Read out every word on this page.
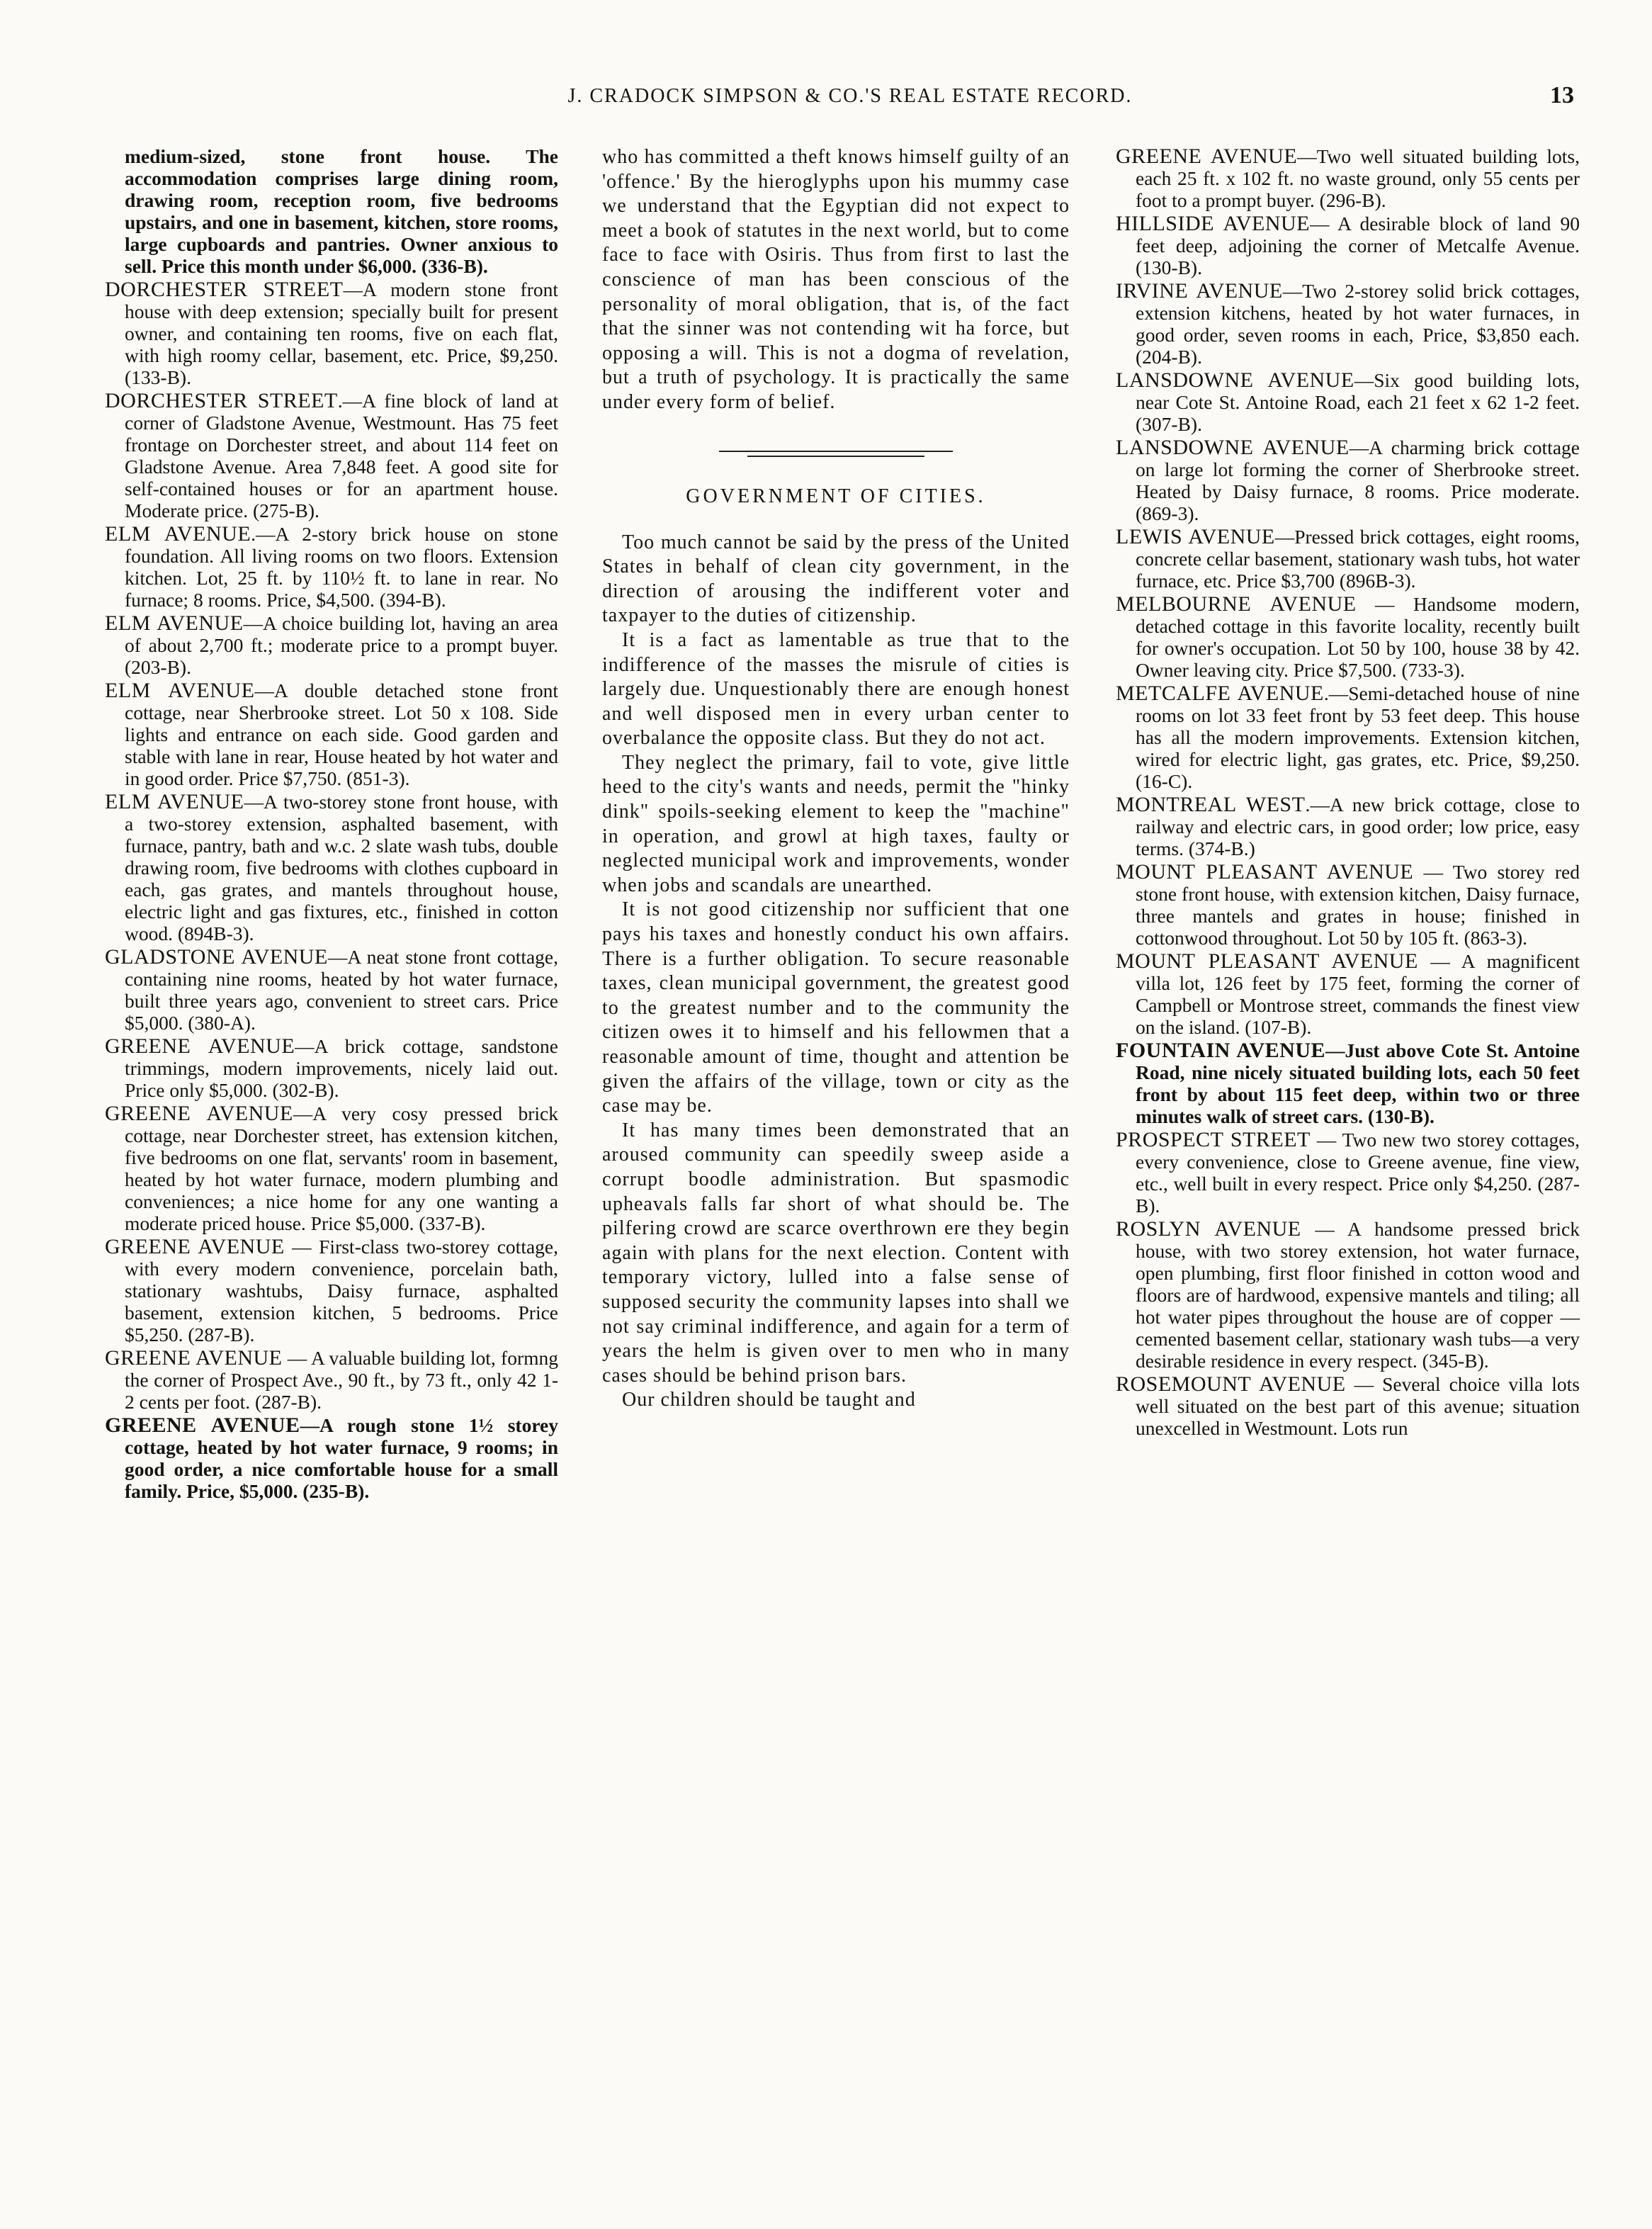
J. CRADOCK SIMPSON & CO.'S REAL ESTATE RECORD.	13

medium-sized, stone front house. The accommodation comprises large dining room, drawing room, reception room, five bedrooms upstairs, and one in basement, kitchen, store rooms, large cupboards and pantries. Owner anxious to sell. Price this month under $6,000. (336-B).

DORCHESTER STREET—A modern stone front house with deep extension; specially built for present owner, and containing ten rooms, five on each flat, with high roomy cellar, basement, etc. Price, $9,250. (133-B).

DORCHESTER STREET.—A fine block of land at corner of Gladstone Avenue, Westmount. Has 75 feet frontage on Dorchester street, and about 114 feet on Gladstone Avenue. Area 7,848 feet. A good site for self-contained houses or for an apartment house. Moderate price. (275-B).

ELM AVENUE.—A 2-story brick house on stone foundation. All living rooms on two floors. Extension kitchen. Lot, 25 ft. by 110½ ft. to lane in rear. No furnace; 8 rooms. Price, $4,500. (394-B).

ELM AVENUE—A choice building lot, having an area of about 2,700 ft.; moderate price to a prompt buyer. (203-B).

ELM AVENUE—A double detached stone front cottage, near Sherbrooke street. Lot 50 x 108. Side lights and entrance on each side. Good garden and stable with lane in rear, House heated by hot water and in good order. Price $7,750. (851-3).

ELM AVENUE—A two-storey stone front house, with a two-storey extension, asphalted basement, with furnace, pantry, bath and w.c. 2 slate wash tubs, double drawing room, five bedrooms with clothes cupboard in each, gas grates, and mantels throughout house, electric light and gas fixtures, etc., finished in cotton wood. (894B-3).

GLADSTONE AVENUE—A neat stone front cottage, containing nine rooms, heated by hot water furnace, built three years ago, convenient to street cars. Price $5,000. (380-A).

GREENE AVENUE—A brick cottage, sandstone trimmings, modern improvements, nicely laid out. Price only $5,000. (302-B).

GREENE AVENUE—A very cosy pressed brick cottage, near Dorchester street, has extension kitchen, five bedrooms on one flat, servants' room in basement, heated by hot water furnace, modern plumbing and conveniences; a nice home for any one wanting a moderate priced house. Price $5,000. (337-B).

GREENE AVENUE — First-class two-storey cottage, with every modern convenience, porcelain bath, stationary washtubs, Daisy furnace, asphalted basement, extension kitchen, 5 bedrooms. Price $5,250. (287-B).

GREENE AVENUE — A valuable building lot, formng the corner of Prospect Ave., 90 ft., by 73 ft., only 42 1-2 cents per foot. (287-B).

GREENE AVENUE—A rough stone 1½ storey cottage, heated by hot water furnace, 9 rooms; in good order, a nice comfortable house for a small family. Price, $5,000. (235-B).

who has committed a theft knows himself guilty of an 'offence.' By the hieroglyphs upon his mummy case we understand that the Egyptian did not expect to meet a book of statutes in the next world, but to come face to face with Osiris. Thus from first to last the conscience of man has been conscious of the personality of moral obligation, that is, of the fact that the sinner was not contending wit ha force, but opposing a will. This is not a dogma of revelation, but a truth of psychology. It is practically the same under every form of belief.

GOVERNMENT OF CITIES.

Too much cannot be said by the press of the United States in behalf of clean city government, in the direction of arousing the indifferent voter and taxpayer to the duties of citizenship.

It is a fact as lamentable as true that to the indifference of the masses the misrule of cities is largely due. Unquestionably there are enough honest and well disposed men in every urban center to overbalance the opposite class. But they do not act.

They neglect the primary, fail to vote, give little heed to the city's wants and needs, permit the "hinky dink" spoils-seeking element to keep the "machine" in operation, and growl at high taxes, faulty or neglected municipal work and improvements, wonder when jobs and scandals are unearthed.

It is not good citizenship nor sufficient that one pays his taxes and honestly conduct his own affairs. There is a further obligation. To secure reasonable taxes, clean municipal government, the greatest good to the greatest number and to the community the citizen owes it to himself and his fellowmen that a reasonable amount of time, thought and attention be given the affairs of the village, town or city as the case may be.

It has many times been demonstrated that an aroused community can speedily sweep aside a corrupt boodle administration. But spasmodic upheavals falls far short of what should be. The pilfering crowd are scarce overthrown ere they begin again with plans for the next election. Content with temporary victory, lulled into a false sense of supposed security the community lapses into shall we not say criminal indifference, and again for a term of years the helm is given over to men who in many cases should be behind prison bars.

Our children should be taught and

GREENE AVENUE—Two well situated building lots, each 25 ft. x 102 ft. no waste ground, only 55 cents per foot to a prompt buyer. (296-B).

HILLSIDE AVENUE— A desirable block of land 90 feet deep, adjoining the corner of Metcalfe Avenue. (130-B).

IRVINE AVENUE—Two 2-storey solid brick cottages, extension kitchens, heated by hot water furnaces, in good order, seven rooms in each, Price, $3,850 each. (204-B).

LANSDOWNE AVENUE—Six good building lots, near Cote St. Antoine Road, each 21 feet x 62 1-2 feet. (307-B).

LANSDOWNE AVENUE—A charming brick cottage on large lot forming the corner of Sherbrooke street. Heated by Daisy furnace, 8 rooms. Price moderate. (869-3).

LEWIS AVENUE—Pressed brick cottages, eight rooms, concrete cellar basement, stationary wash tubs, hot water furnace, etc. Price $3,700 (896B-3).

MELBOURNE AVENUE — Handsome modern, detached cottage in this favorite locality, recently built for owner's occupation. Lot 50 by 100, house 38 by 42. Owner leaving city. Price $7,500. (733-3).

METCALFE AVENUE.—Semi-detached house of nine rooms on lot 33 feet front by 53 feet deep. This house has all the modern improvements. Extension kitchen, wired for electric light, gas grates, etc. Price, $9,250. (16-C).

MONTREAL WEST.—A new brick cottage, close to railway and electric cars, in good order; low price, easy terms. (374-B.)

MOUNT PLEASANT AVENUE — Two storey red stone front house, with extension kitchen, Daisy furnace, three mantels and grates in house; finished in cottonwood throughout. Lot 50 by 105 ft. (863-3).

MOUNT PLEASANT AVENUE — A magnificent villa lot, 126 feet by 175 feet, forming the corner of Campbell or Montrose street, commands the finest view on the island. (107-B).

FOUNTAIN AVENUE—Just above Cote St. Antoine Road, nine nicely situated building lots, each 50 feet front by about 115 feet deep, within two or three minutes walk of street cars. (130-B).

PROSPECT STREET — Two new two storey cottages, every convenience, close to Greene avenue, fine view, etc., well built in every respect. Price only $4,250. (287-B).

ROSLYN AVENUE — A handsome pressed brick house, with two storey extension, hot water furnace, open plumbing, first floor finished in cotton wood and floors are of hardwood, expensive mantels and tiling; all hot water pipes throughout the house are of copper — cemented basement cellar, stationary wash tubs—a very desirable residence in every respect. (345-B).

ROSEMOUNT AVENUE — Several choice villa lots well situated on the best part of this avenue; situation unexcelled in Westmount. Lots run
